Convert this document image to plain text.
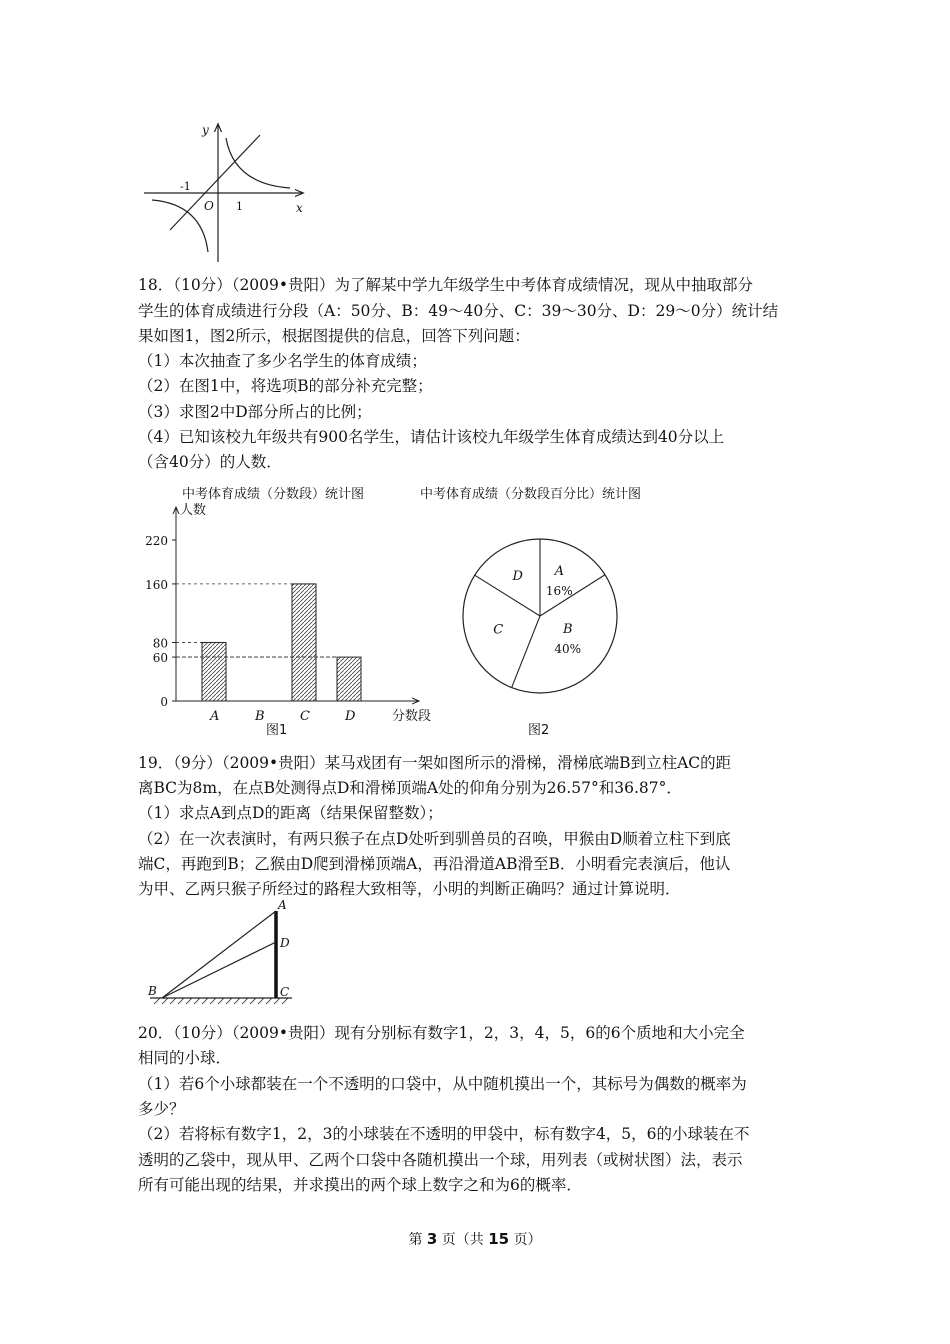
y
x
O 1
-1
18．（10分）（2009•贵阳）为了解某中学九年级学生中考体育成绩情况，现从中抽取部分
学生的体育成绩进行分段（A：50分、B：49～40分、C：39～30分、D：29～0分）统计结
果如图1，图2所示，根据图提供的信息，回答下列问题：
（1）本次抽查了多少名学生的体育成绩；
（2）在图1中，将选项B的部分补充完整；
（3）求图2中D部分所占的比例；
（4）已知该校九年级共有900名学生，请估计该校九年级学生体育成绩达到40分以上
（含40分）的人数．
中考体育成绩（分数段）统计图
人数
分数段
图1
0
60
80
160
220
A	B	C	D
中考体育成绩（分数段百分比）统计图
图2
A
16%
B
40%
C
D
19．（9分）（2009•贵阳）某马戏团有一架如图所示的滑梯，滑梯底端B到立柱AC的距
离BC为8m，在点B处测得点D和滑梯顶端A处的仰角分别为26.57°和36.87°．
（1）求点A到点D的距离（结果保留整数）；
（2）在一次表演时，有两只猴子在点D处听到驯兽员的召唤，甲猴由D顺着立柱下到底
端C，再跑到B；乙猴由D爬到滑梯顶端A，再沿滑道AB滑至B．小明看完表演后，他认
为甲、乙两只猴子所经过的路程大致相等，小明的判断正确吗？通过计算说明．
A
D
C
B
20．（10分）（2009•贵阳）现有分别标有数字1，2，3，4，5，6的6个质地和大小完全
相同的小球．
（1）若6个小球都装在一个不透明的口袋中，从中随机摸出一个，其标号为偶数的概率为
多少？
（2）若将标有数字1，2，3的小球装在不透明的甲袋中，标有数字4，5，6的小球装在不
透明的乙袋中，现从甲、乙两个口袋中各随机摸出一个球，用列表（或树状图）法，表示
所有可能出现的结果，并求摸出的两个球上数字之和为6的概率．
第 3 页（共 15 页）
